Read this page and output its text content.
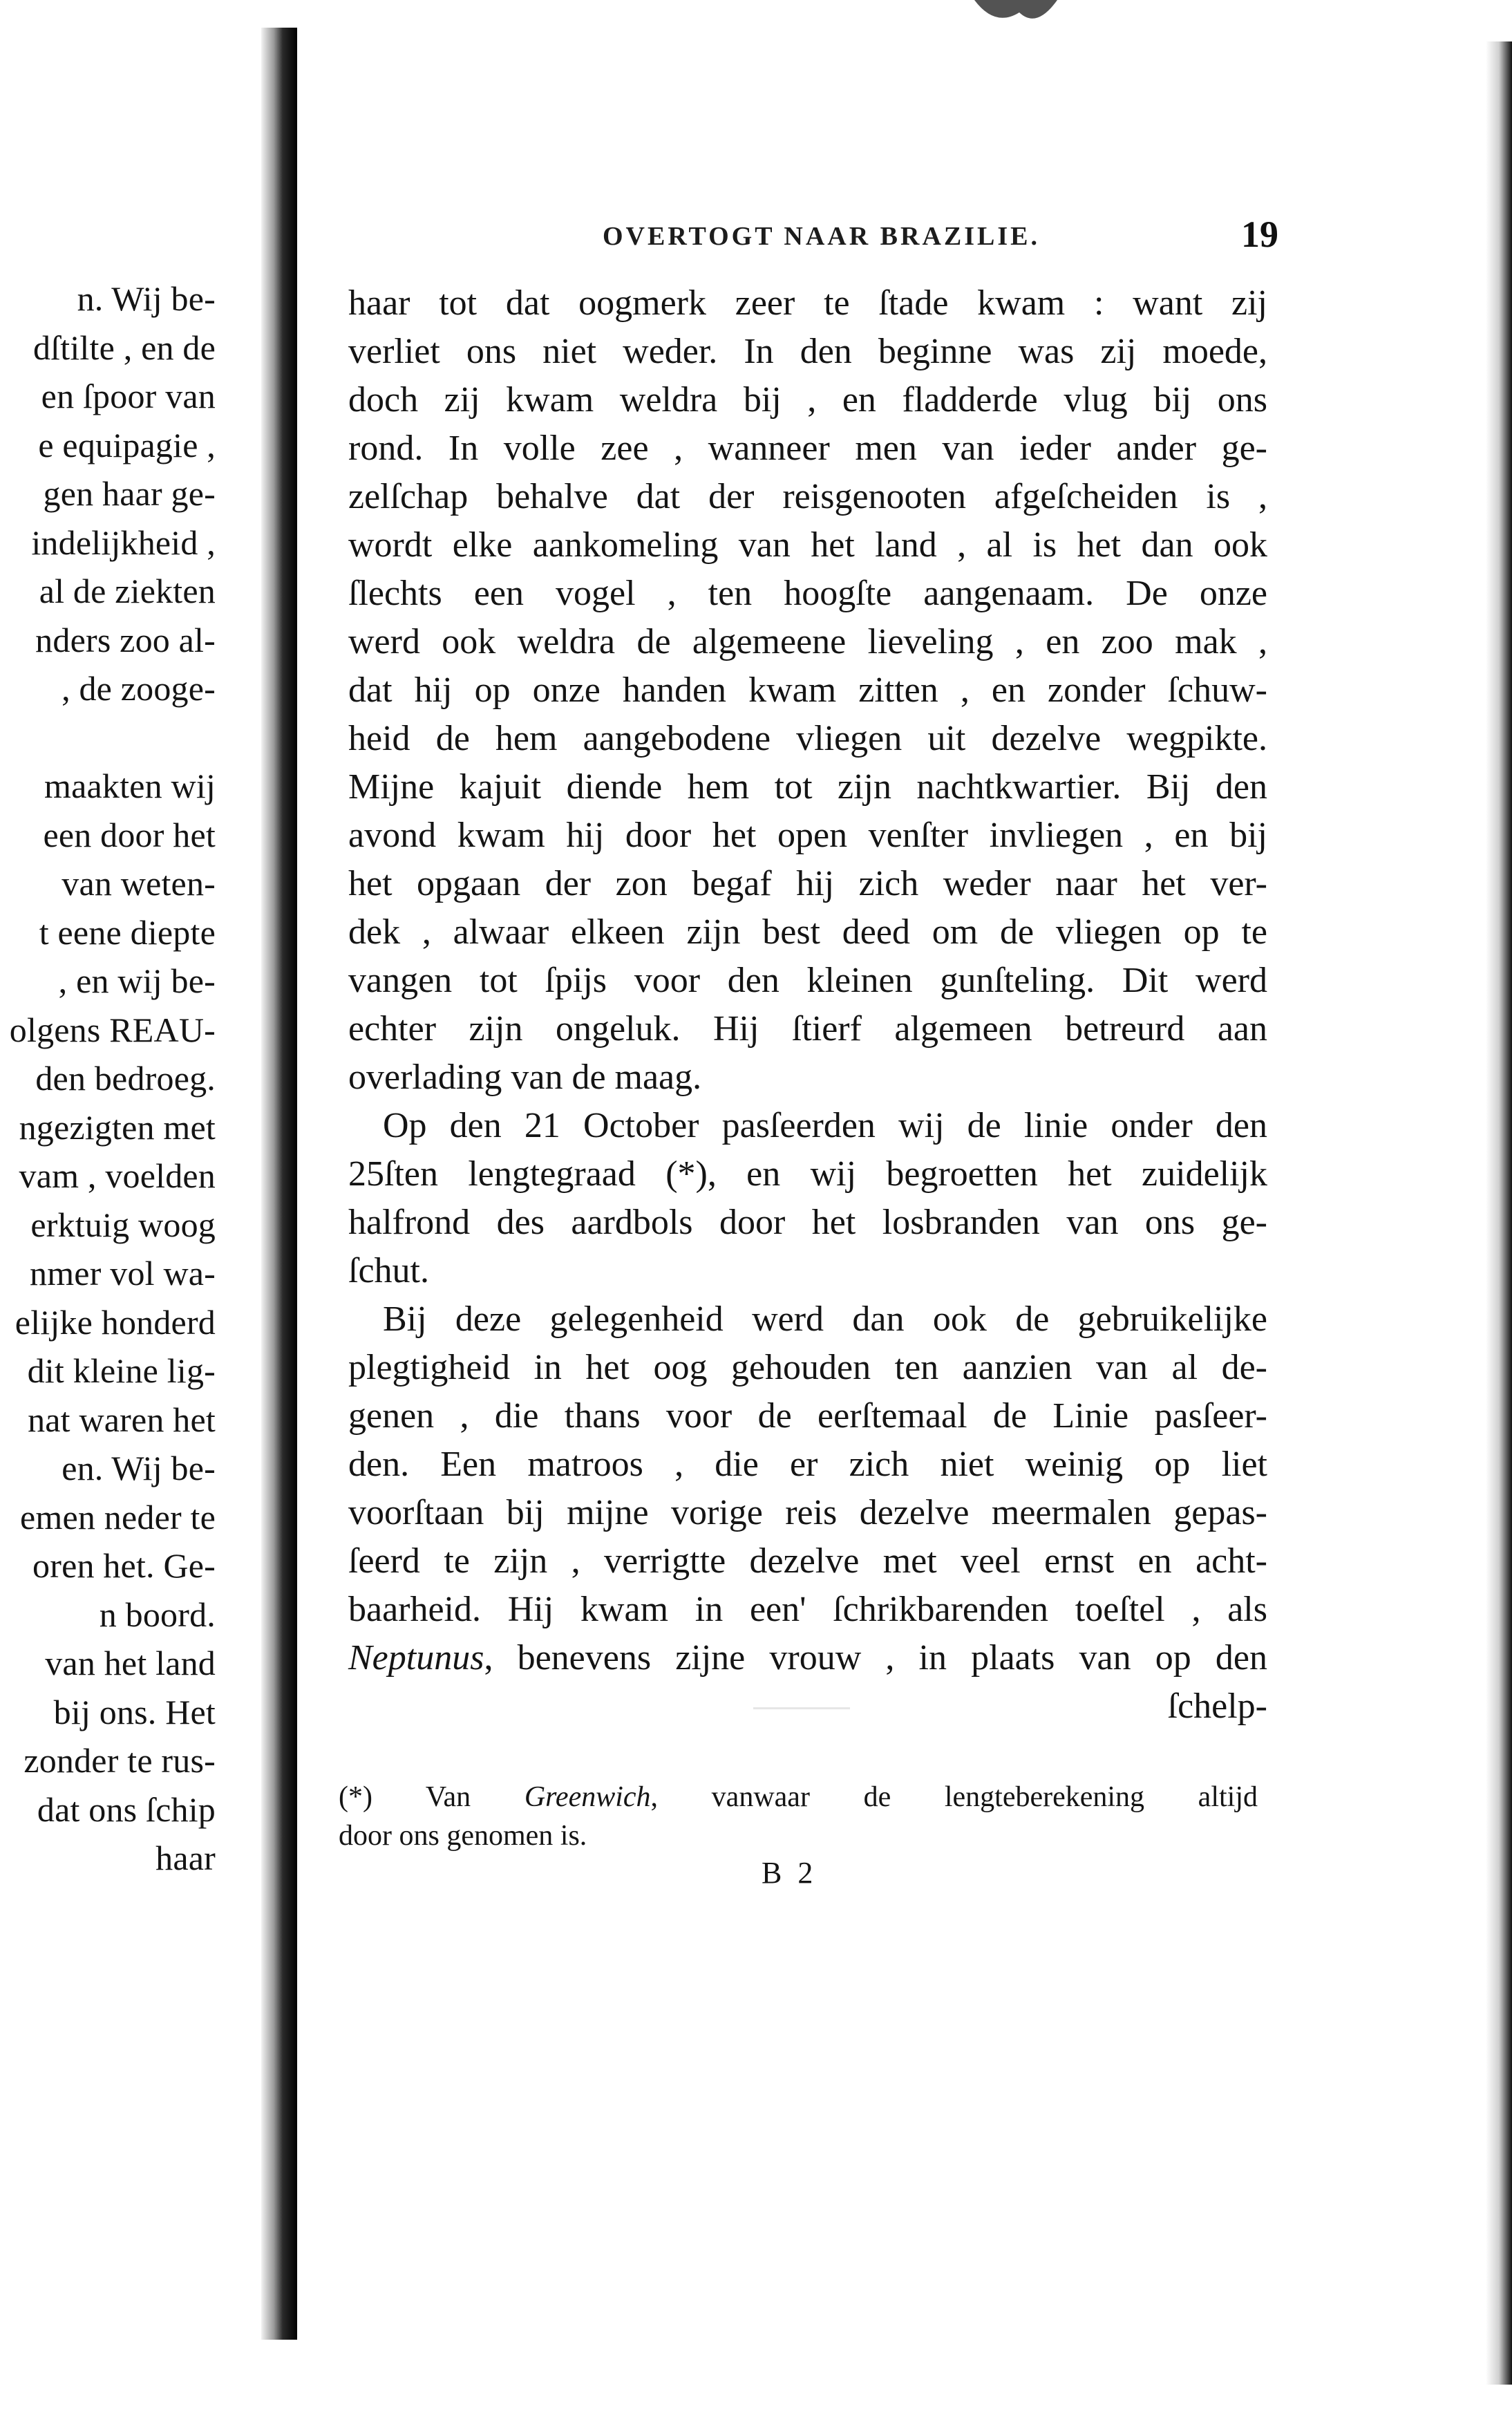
n. Wij be-
dſtilte , en de
en ſpoor van
e equipagie ,
gen haar ge-
indelijkheid ,
al de ziekten
nders zoo al-
, de zooge-
maakten wij
een door het
van weten-
t eene diepte
, en wij be-
olgens REAU-
den bedroeg.
ngezigten met
vam , voelden
erktuig woog
nmer vol wa-
elijke honderd
dit kleine lig-
nat waren het
en. Wij be-
emen neder te
oren het. Ge-
n boord.
van het land
bij ons. Het
zonder te rus-
dat ons ſchip
haar
OVERTOGT NAAR BRAZILIE.	19
haar tot dat oogmerk zeer te ſtade kwam : want zij
verliet ons niet weder. In den beginne was zij moede,
doch zij kwam weldra bij , en fladderde vlug bij ons
rond. In volle zee , wanneer men van ieder ander ge-
zelſchap behalve dat der reisgenooten afgeſcheiden is ,
wordt elke aankomeling van het land , al is het dan ook
ſlechts een vogel , ten hoogſte aangenaam. De onze
werd ook weldra de algemeene lieveling , en zoo mak ,
dat hij op onze handen kwam zitten , en zonder ſchuw-
heid de hem aangebodene vliegen uit dezelve wegpikte.
Mijne kajuit diende hem tot zijn nachtkwartier. Bij den
avond kwam hij door het open venſter invliegen , en bij
het opgaan der zon begaf hij zich weder naar het ver-
dek , alwaar elkeen zijn best deed om de vliegen op te
vangen tot ſpijs voor den kleinen gunſteling. Dit werd
echter zijn ongeluk. Hij ſtierf algemeen betreurd aan
overlading van de maag.
Op den 21 October pasſeerden wij de linie onder den
25ſten lengtegraad (*), en wij begroetten het zuidelijk
halfrond des aardbols door het losbranden van ons ge-
ſchut.
Bij deze gelegenheid werd dan ook de gebruikelijke
plegtigheid in het oog gehouden ten aanzien van al de-
genen , die thans voor de eerſtemaal de Linie pasſeer-
den. Een matroos , die er zich niet weinig op liet
voorſtaan bij mijne vorige reis dezelve meermalen gepas-
ſeerd te zijn , verrigtte dezelve met veel ernst en acht-
baarheid. Hij kwam in een' ſchrikbarenden toeſtel , als
Neptunus, benevens zijne vrouw , in plaats van op den
ſchelp-
(*) Van Greenwich, vanwaar de lengteberekening altijd
door ons genomen is.
B 2
